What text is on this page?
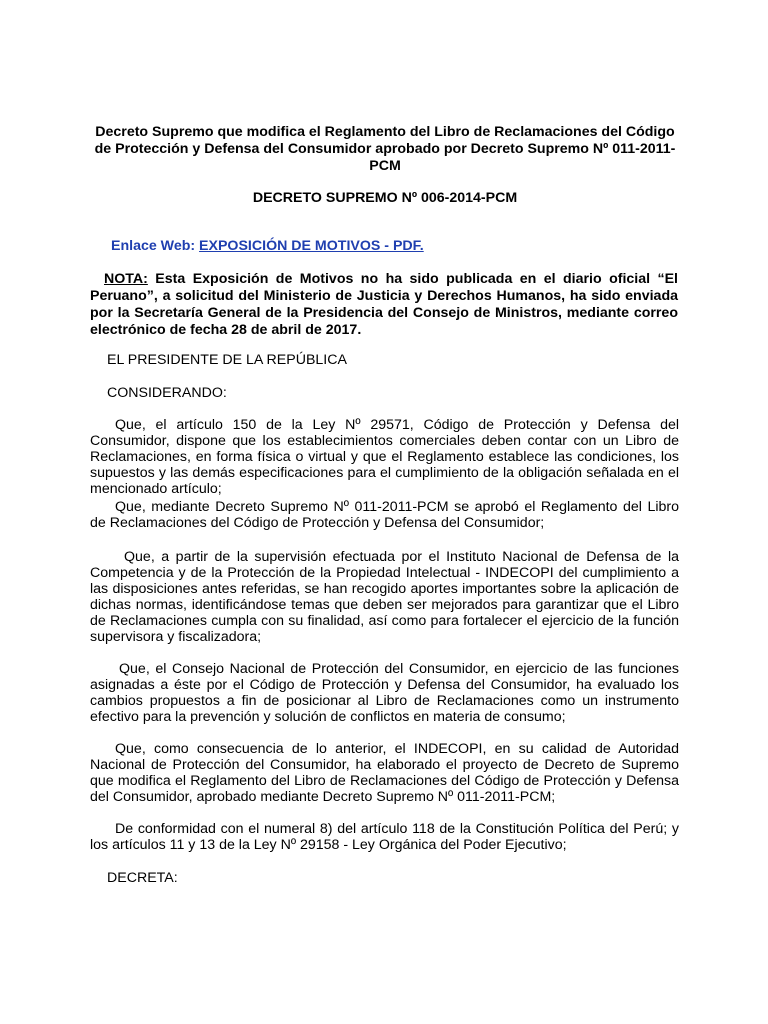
Decreto Supremo que modifica el Reglamento del Libro de Reclamaciones del Código de Protección y Defensa del Consumidor aprobado por Decreto Supremo Nº 011-2011-PCM
DECRETO SUPREMO Nº 006-2014-PCM
Enlace Web: EXPOSICIÓN DE MOTIVOS - PDF.
NOTA: Esta Exposición de Motivos no ha sido publicada en el diario oficial “El Peruano”, a solicitud del Ministerio de Justicia y Derechos Humanos, ha sido enviada por la Secretaría General de la Presidencia del Consejo de Ministros, mediante correo electrónico de fecha 28 de abril de 2017.
EL PRESIDENTE DE LA REPÚBLICA
CONSIDERANDO:
Que, el artículo 150 de la Ley Nº 29571, Código de Protección y Defensa del Consumidor, dispone que los establecimientos comerciales deben contar con un Libro de Reclamaciones, en forma física o virtual y que el Reglamento establece las condiciones, los supuestos y las demás especificaciones para el cumplimiento de la obligación señalada en el mencionado artículo;
Que, mediante Decreto Supremo Nº 011-2011-PCM se aprobó el Reglamento del Libro de Reclamaciones del Código de Protección y Defensa del Consumidor;
Que, a partir de la supervisión efectuada por el Instituto Nacional de Defensa de la Competencia y de la Protección de la Propiedad Intelectual - INDECOPI del cumplimiento a las disposiciones antes referidas, se han recogido aportes importantes sobre la aplicación de dichas normas, identificándose temas que deben ser mejorados para garantizar que el Libro de Reclamaciones cumpla con su finalidad, así como para fortalecer el ejercicio de la función supervisora y fiscalizadora;
Que, el Consejo Nacional de Protección del Consumidor, en ejercicio de las funciones asignadas a éste por el Código de Protección y Defensa del Consumidor, ha evaluado los cambios propuestos a fin de posicionar al Libro de Reclamaciones como un instrumento efectivo para la prevención y solución de conflictos en materia de consumo;
Que, como consecuencia de lo anterior, el INDECOPI, en su calidad de Autoridad Nacional de Protección del Consumidor, ha elaborado el proyecto de Decreto de Supremo que modifica el Reglamento del Libro de Reclamaciones del Código de Protección y Defensa del Consumidor, aprobado mediante Decreto Supremo Nº 011-2011-PCM;
De conformidad con el numeral 8) del artículo 118 de la Constitución Política del Perú; y los artículos 11 y 13 de la Ley Nº 29158 - Ley Orgánica del Poder Ejecutivo;
DECRETA:
